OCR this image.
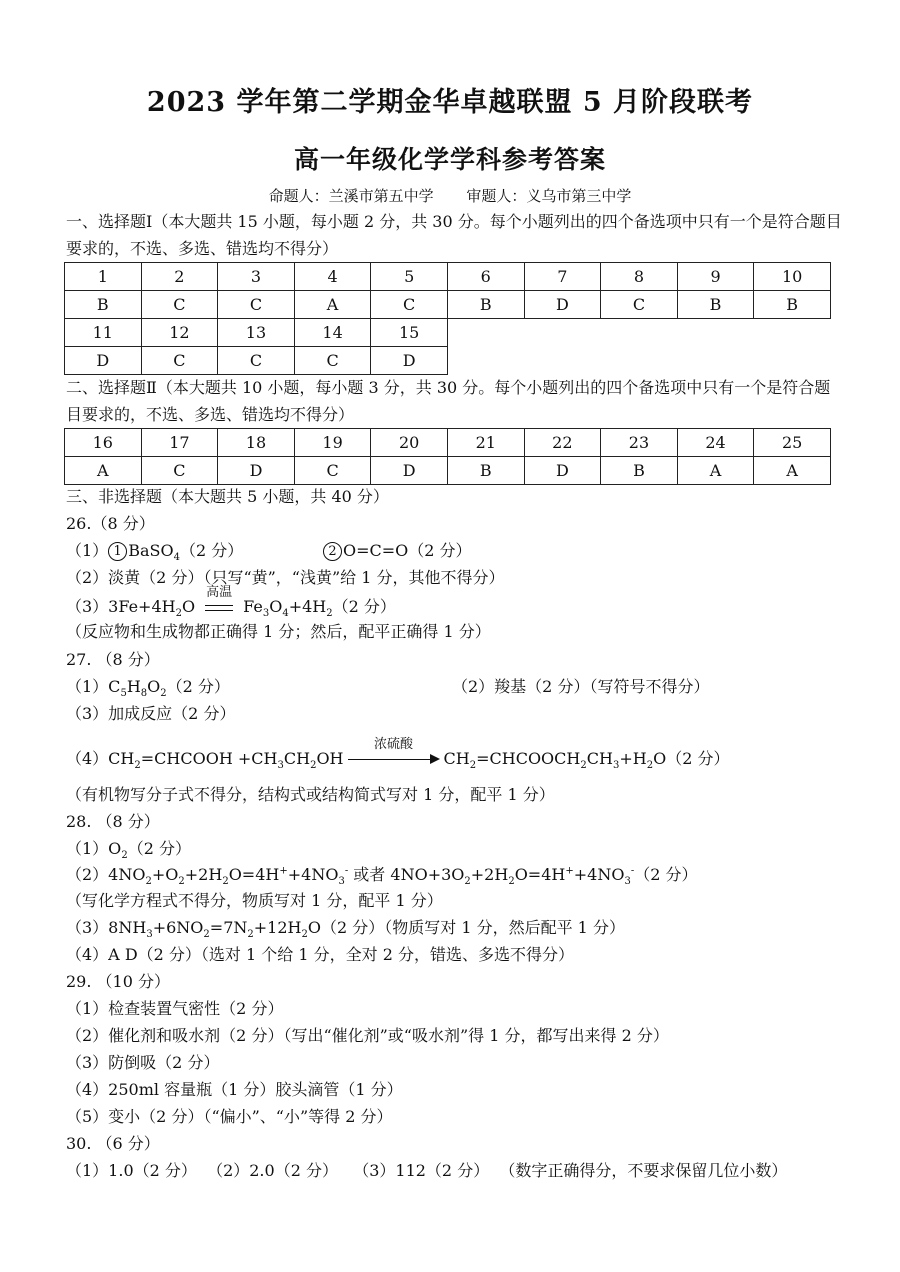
2023 学年第二学期金华卓越联盟 5 月阶段联考
高一年级化学学科参考答案
命题人：兰溪市第五中学 审题人：义乌市第三中学
一、选择题Ⅰ（本大题共 15 小题，每小题 2 分，共 30 分。每个小题列出的四个备选项中只有一个是符合题目要求的，不选、多选、错选均不得分）
1	2	3	4	5	6	7	8	9	10
B	C	C	A	C	B	D	C	B	B
11	12	13	14	15
D	C	C	C	D
二、选择题Ⅱ（本大题共 10 小题，每小题 3 分，共 30 分。每个小题列出的四个备选项中只有一个是符合题目要求的，不选、多选、错选均不得分）
16	17	18	19	20	21	22	23	24	25
A	C	D	C	D	B	D	B	A	A
三、非选择题（本大题共 5 小题，共 40 分）
26.（8 分）
（1） 1 BaSO$_4$（2 分）	2 O=C=O（2 分）
（2）淡黄（2 分）（只写“黄”，“浅黄”给 1 分，其他不得分）
$(3)3Fe+4H_2O$
高温
$Fe_3O_4+4H_2(2$ 分）
（反应物和生成物都正确得 1 分；然后，配平正确得 1 分）
27. （8 分）
$(1)C_5H_8O_2(2$ 分）	（2）羧基（2 分）（写符号不得分）
（3）加成反应（2 分）
$(4)CH_2=CHCOOH +CH_3CH_2OH$
浓硫酸
$CH_2=CHCOOCH_2CH_3+H_2O(2$ 分）
（有机物写分子式不得分，结构式或结构简式写对 1 分，配平 1 分）
28. （8 分）
$(1)O_2(2$ 分）
$(2)4NO_2+O_2+2H_2O=4H^++4NO_3^-$ 或者 $4NO+3O_2+2H_2O=4H^++4NO_3^-(2$ 分）
（写化学方程式不得分，物质写对 1 分，配平 1 分）
$(3)8NH_3+6NO_2=7N_2+12H_2O(2$ 分）（物质写对 1 分，然后配平 1 分）
（4）A D（2 分）（选对 1 个给 1 分，全对 2 分，错选、多选不得分）
29. （10 分）
（1）检查装置气密性（2 分）
（2）催化剂和吸水剂（2 分）（写出“催化剂”或“吸水剂”得 1 分，都写出来得 2 分）
（3）防倒吸（2 分）
（4）250ml 容量瓶（1 分）胶头滴管（1 分）
（5）变小（2 分）（“偏小”、“小”等得 2 分）
30. （6 分）
（1）1.0（2 分）  （2）2.0（2 分）   （3）112（2 分）  （数字正确得分，不要求保留几位小数）
